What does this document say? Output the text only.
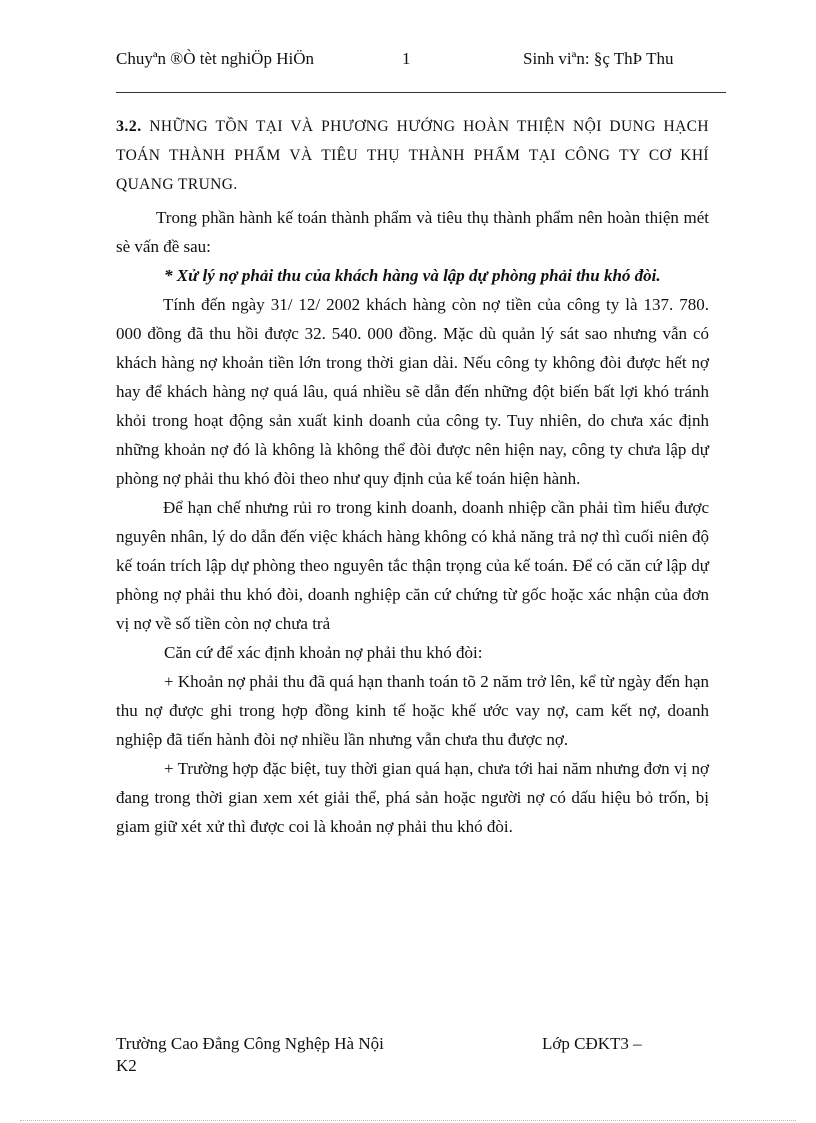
Chuyªn ®Ò tèt nghiÖp HiÖn	1	Sinh viªn: §ç ThÞ Thu

3.2. NHỮNG TỒN TẠI VÀ PHƯƠNG HƯỚNG HOÀN THIỆN NỘI DUNG HẠCH TOÁN THÀNH PHẨM VÀ TIÊU THỤ THÀNH PHẨM TẠI CÔNG TY CƠ KHÍ QUANG TRUNG.

Trong phần hành kế toán thành phẩm và tiêu thụ thành phẩm nên hoàn thiện mét sè vấn đề sau:

* Xử lý nợ phải thu của khách hàng và lập dự phòng phải thu khó đòi.

Tính đến ngày 31/ 12/ 2002 khách hàng còn nợ tiền của công ty là 137. 780. 000 đồng đã thu hồi được 32. 540. 000 đồng. Mặc dù quản lý sát sao nhưng vẫn có khách hàng nợ khoản tiền lớn trong thời gian dài. Nếu công ty không đòi được hết nợ hay để khách hàng nợ quá lâu, quá nhiều sẽ dẫn đến những đột biến bất lợi khó tránh khỏi trong hoạt động sản xuất kinh doanh của công ty. Tuy nhiên, do chưa xác định những khoản nợ đó là không là không thể đòi được nên hiện nay, công ty chưa lập dự phòng nợ phải thu khó đòi theo như quy định của kế toán hiện hành.

Để hạn chế nhưng rủi ro trong kinh doanh, doanh nhiệp cần phải tìm hiểu được nguyên nhân, lý do dẫn đến việc khách hàng không có khả năng trả nợ thì cuối niên độ kế toán trích lập dự phòng theo nguyên tắc thận trọng của kế toán. Để có căn cứ lập dự phòng nợ phải thu khó đòi, doanh nghiệp căn cứ chứng từ gốc hoặc xác nhận của đơn vị nợ về số tiền còn nợ chưa trả

Căn cứ để xác định khoản nợ phải thu khó đòi:

+ Khoản nợ phải thu đã quá hạn thanh toán tõ 2 năm trở lên, kể từ ngày đến hạn thu nợ được ghi trong hợp đồng kinh tế hoặc khế ước vay nợ, cam kết nợ, doanh nghiệp đã tiến hành đòi nợ nhiều lần nhưng vẫn chưa thu được nợ.

+ Trường hợp đặc biệt, tuy thời gian quá hạn, chưa tới hai năm nhưng đơn vị nợ đang trong thời gian xem xét giải thể, phá sản hoặc người nợ có dấu hiệu bỏ trốn, bị giam giữ xét xử thì được coi là khoản nợ phải thu khó đòi.

Trường Cao Đẳng Công Nghệp Hà Nội	Lớp CĐKT3 –
K2
